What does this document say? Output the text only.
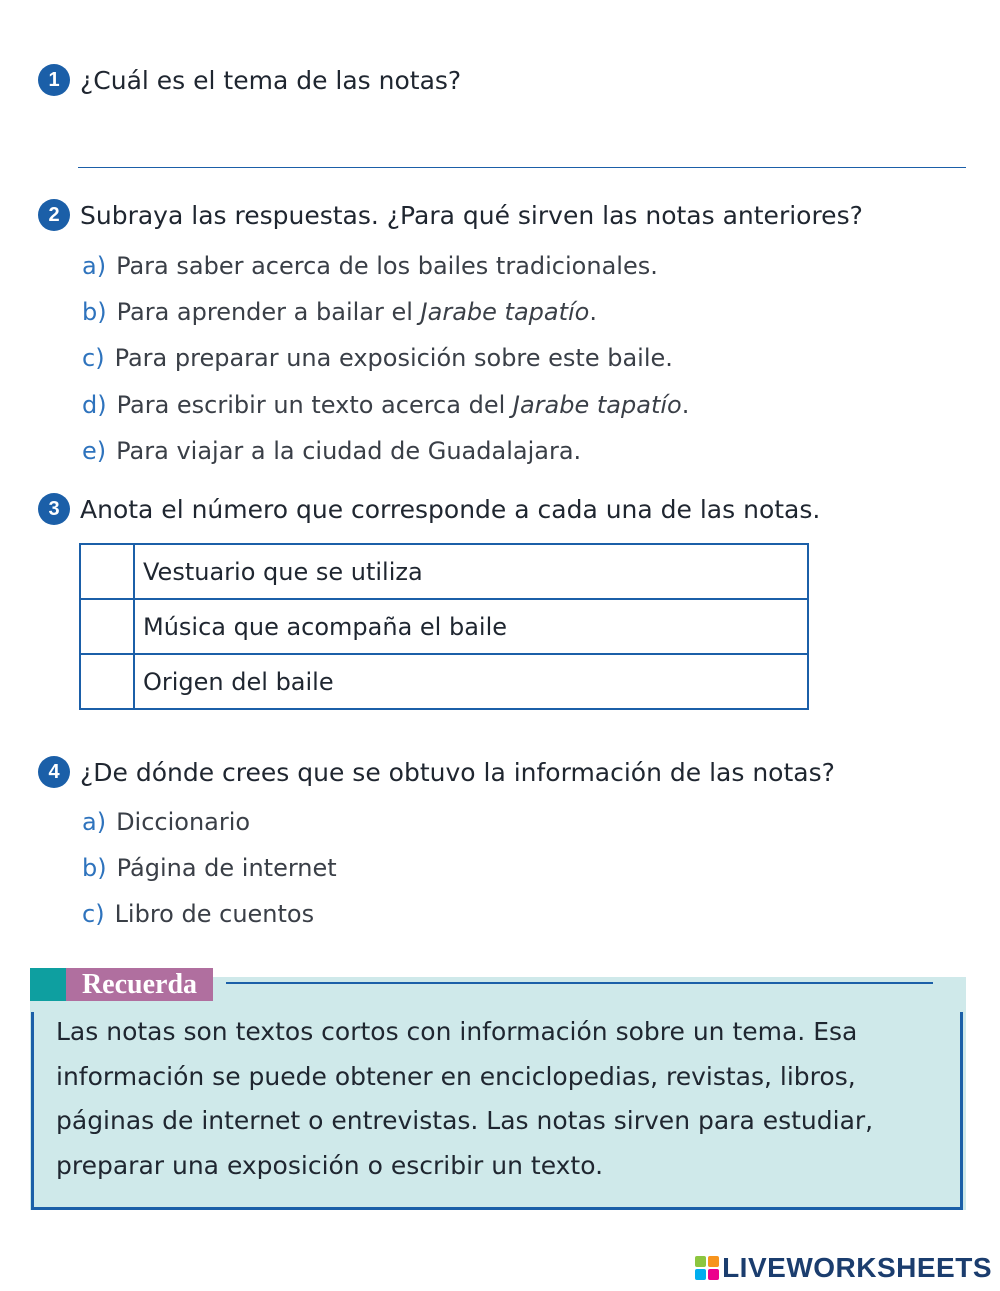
1 ¿Cuál es el tema de las notas?
2 Subraya las respuestas. ¿Para qué sirven las notas anteriores?
a) Para saber acerca de los bailes tradicionales.
b) Para aprender a bailar el Jarabe tapatío.
c) Para preparar una exposición sobre este baile.
d) Para escribir un texto acerca del Jarabe tapatío.
e) Para viajar a la ciudad de Guadalajara.
3 Anota el número que corresponde a cada una de las notas.
	Vestuario que se utiliza
	Música que acompaña el baile
	Origen del baile
4 ¿De dónde crees que se obtuvo la información de las notas?
a) Diccionario
b) Página de internet
c) Libro de cuentos
Recuerda
Las notas son textos cortos con información sobre un tema. Esa
información se puede obtener en enciclopedias, revistas, libros,
páginas de internet o entrevistas. Las notas sirven para estudiar,
preparar una exposición o escribir un texto.
LIVEWORKSHEETS
